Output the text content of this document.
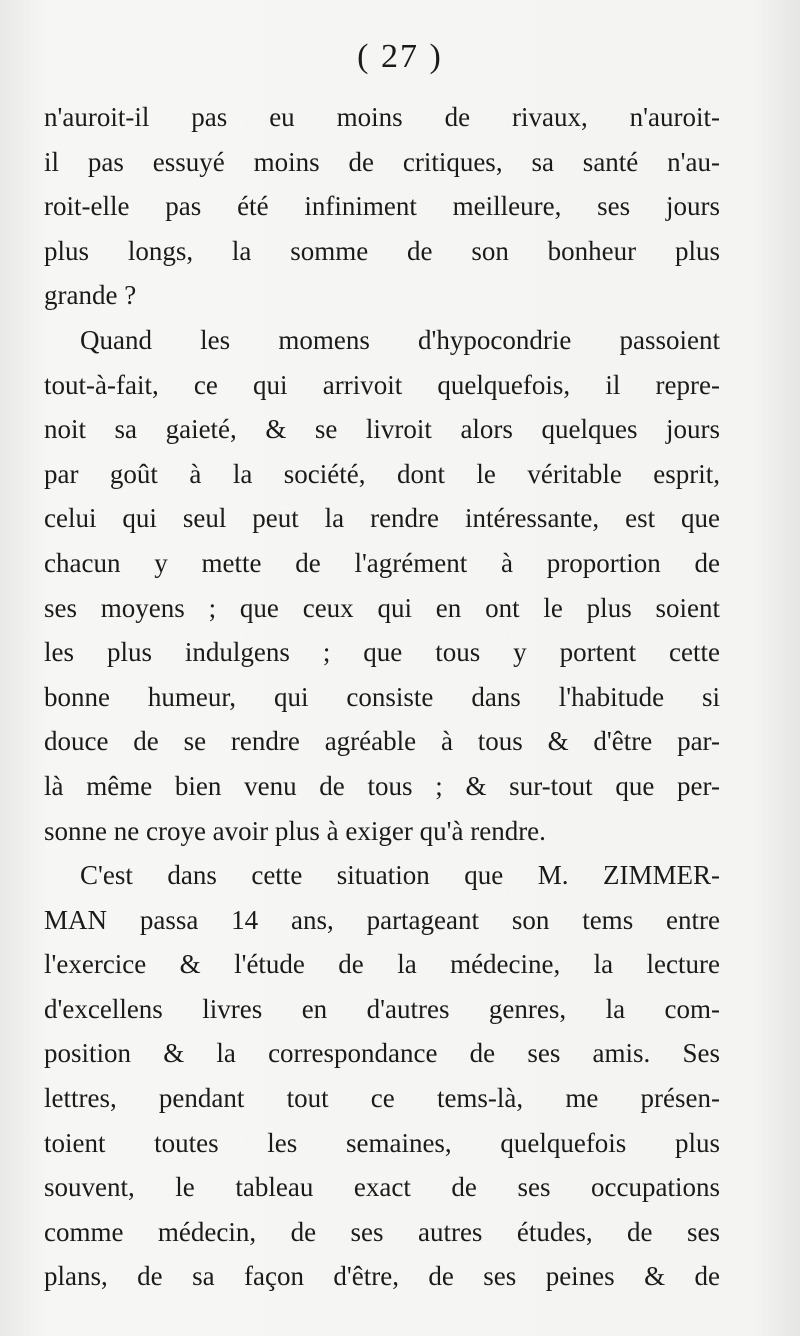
( 27 )
n'auroit-il pas eu moins de rivaux, n'auroit-
il pas essuyé moins de critiques, sa santé n'au-
roit-elle pas été infiniment meilleure, ses jours
plus longs, la somme de son bonheur plus
grande ?
Quand les momens d'hypocondrie passoient
tout-à-fait, ce qui arrivoit quelquefois, il repre-
noit sa gaieté, & se livroit alors quelques jours
par goût à la société, dont le véritable esprit,
celui qui seul peut la rendre intéressante, est que
chacun y mette de l'agrément à proportion de
ses moyens ; que ceux qui en ont le plus soient
les plus indulgens ; que tous y portent cette
bonne humeur, qui consiste dans l'habitude si
douce de se rendre agréable à tous & d'être par-
là même bien venu de tous ; & sur-tout que per-
sonne ne croye avoir plus à exiger qu'à rendre.
C'est dans cette situation que M. ZIMMER-
MAN passa 14 ans, partageant son tems entre
l'exercice & l'étude de la médecine, la lecture
d'excellens livres en d'autres genres, la com-
position & la correspondance de ses amis. Ses
lettres, pendant tout ce tems-là, me présen-
toient toutes les semaines, quelquefois plus
souvent, le tableau exact de ses occupations
comme médecin, de ses autres études, de ses
plans, de sa façon d'être, de ses peines & de
